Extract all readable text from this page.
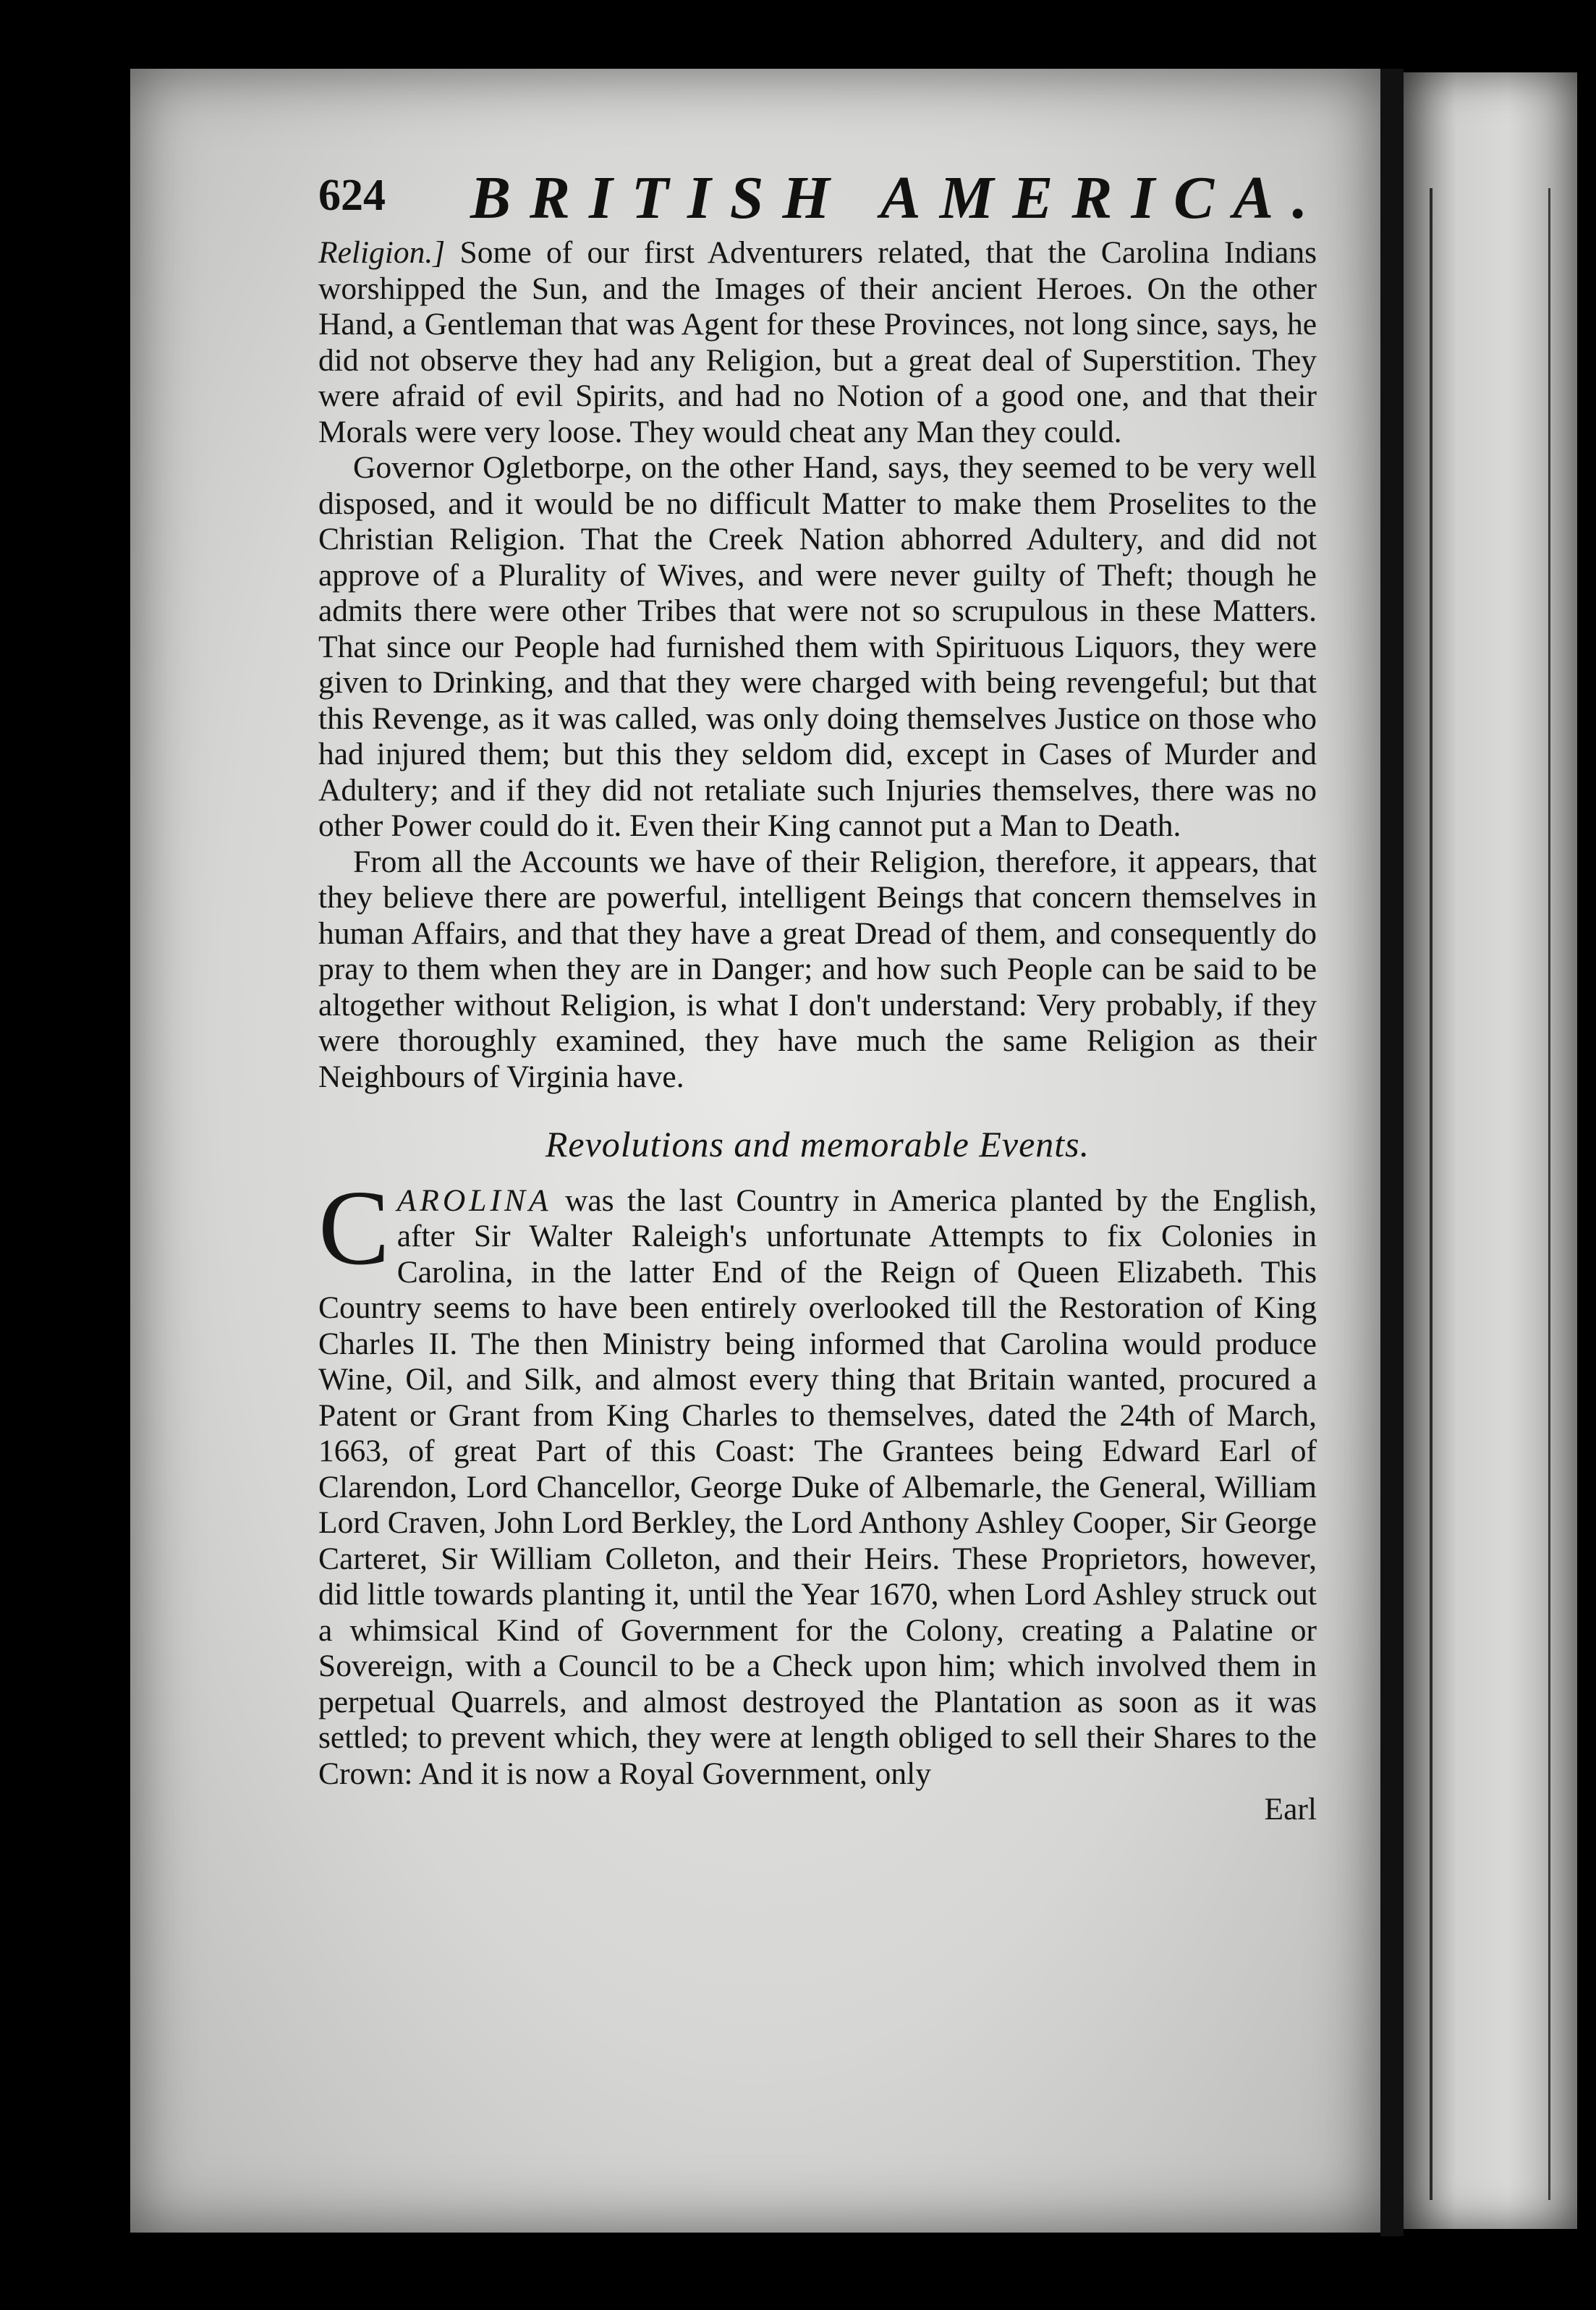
624 BRITISH AMERICA.

Religion.] Some of our first Adventurers related, that the Carolina Indians worshipped the Sun, and the Images of their ancient Heroes. On the other Hand, a Gentleman that was Agent for these Provinces, not long since, says, he did not observe they had any Religion, but a great deal of Superstition. They were afraid of evil Spirits, and had no Notion of a good one, and that their Morals were very loose. They would cheat any Man they could.

Governor Ogletborpe, on the other Hand, says, they seemed to be very well disposed, and it would be no difficult Matter to make them Proselites to the Christian Religion. That the Creek Nation abhorred Adultery, and did not approve of a Plurality of Wives, and were never guilty of Theft; though he admits there were other Tribes that were not so scrupulous in these Matters. That since our People had furnished them with Spirituous Liquors, they were given to Drinking, and that they were charged with being revengeful; but that this Revenge, as it was called, was only doing themselves Justice on those who had injured them; but this they seldom did, except in Cases of Murder and Adultery; and if they did not retaliate such Injuries themselves, there was no other Power could do it. Even their King cannot put a Man to Death.

From all the Accounts we have of their Religion, therefore, it appears, that they believe there are powerful, intelligent Beings that concern themselves in human Affairs, and that they have a great Dread of them, and consequently do pray to them when they are in Danger; and how such People can be said to be altogether without Religion, is what I don't understand: Very probably, if they were thoroughly examined, they have much the same Religion as their Neighbours of Virginia have.

Revolutions and memorable Events.

CAROLINA was the last Country in America planted by the English, after Sir Walter Raleigh's unfortunate Attempts to fix Colonies in Carolina, in the latter End of the Reign of Queen Elizabeth. This Country seems to have been entirely overlooked till the Restoration of King Charles II. The then Ministry being informed that Carolina would produce Wine, Oil, and Silk, and almost every thing that Britain wanted, procured a Patent or Grant from King Charles to themselves, dated the 24th of March, 1663, of great Part of this Coast: The Grantees being Edward Earl of Clarendon, Lord Chancellor, George Duke of Albemarle, the General, William Lord Craven, John Lord Berkley, the Lord Anthony Ashley Cooper, Sir George Carteret, Sir William Colleton, and their Heirs. These Proprietors, however, did little towards planting it, until the Year 1670, when Lord Ashley struck out a whimsical Kind of Government for the Colony, creating a Palatine or Sovereign, with a Council to be a Check upon him; which involved them in perpetual Quarrels, and almost destroyed the Plantation as soon as it was settled; to prevent which, they were at length obliged to sell their Shares to the Crown: And it is now a Royal Government, only

Earl
